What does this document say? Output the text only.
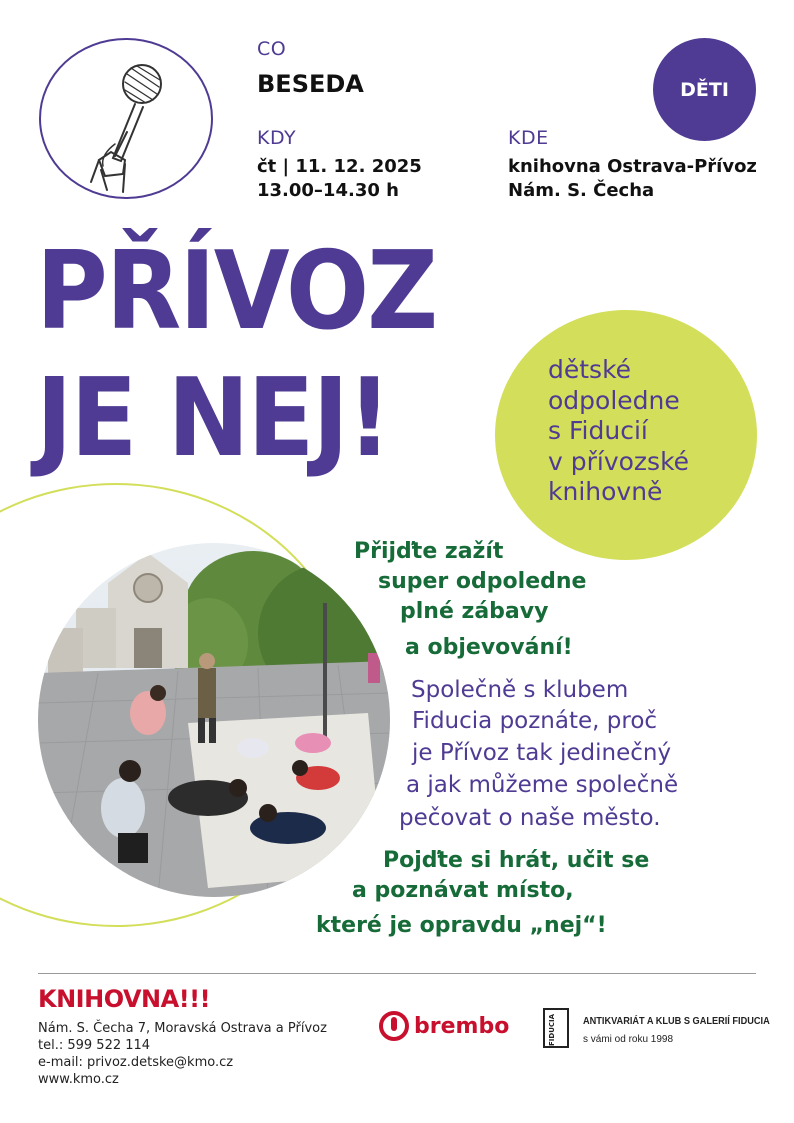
CO
BESEDA
KDY
čt | 11. 12. 2025
13.00–14.30 h
KDE
knihovna Ostrava-Přívoz
Nám. S. Čecha
DĚTI
PŘÍVOZ
JE NEJ!	dětské
odpoledne
s Fiducií
v přívozské
knihovně
Přijďte zažít
super odpoledne
plné zábavy
a objevování!
Společně s klubem
Fiducia poznáte, proč
je Přívoz tak jedinečný
a jak můžeme společně
pečovat o naše město.
Pojďte si hrát, učit se
a poznávat místo,
které je opravdu „nej“!
KNIHOVNA!!!
Nám. S. Čecha 7, Moravská Ostrava a Přívoz
tel.: 599 522 114
e-mail: privoz.detske@kmo.cz
www.kmo.cz
brembo	FIDUCIA	ANTIKVARIÁT A KLUB S GALERIÍ FIDUCIA
s vámi od roku 1998
